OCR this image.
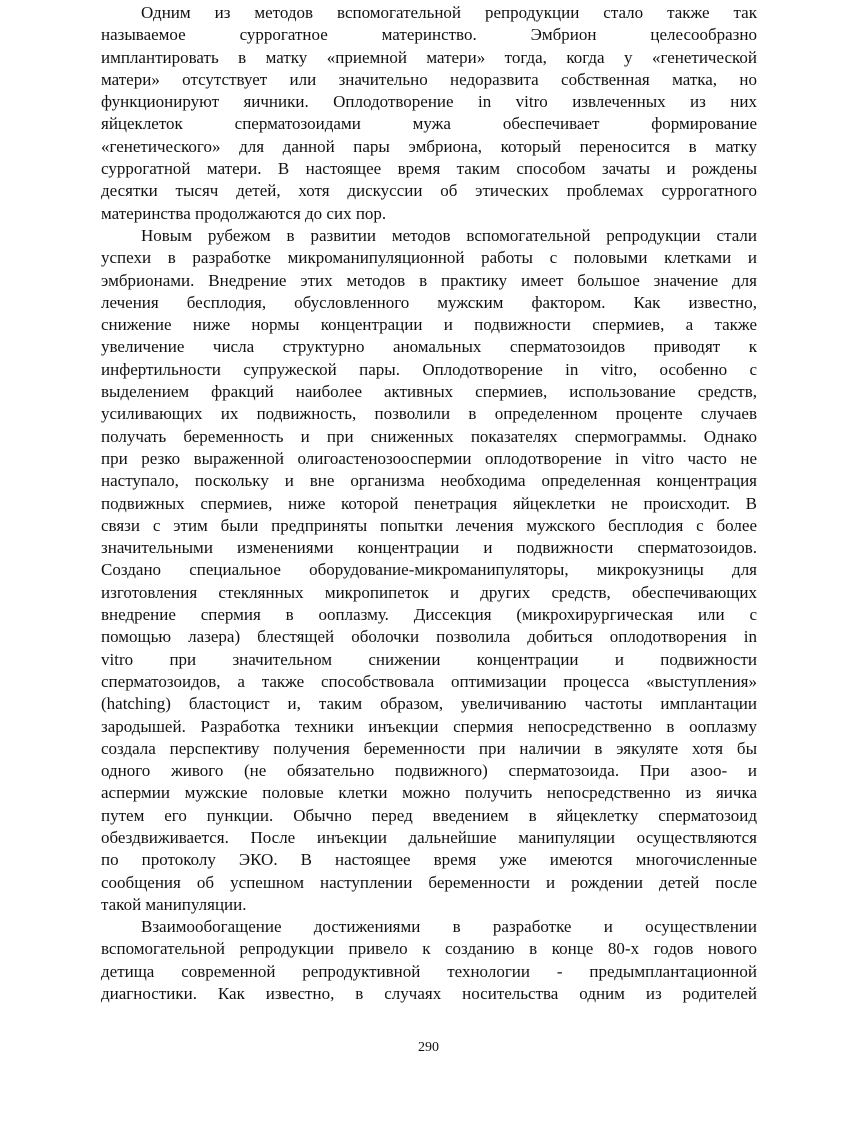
Одним из методов вспомогательной репродукции стало также так
называемое суррогатное материнство. Эмбрион целесообразно
имплантировать в матку «приемной матери» тогда, когда у «генетической
матери» отсутствует или значительно недоразвита собственная матка, но
функционируют яичники. Оплодотворение in vitro извлеченных из них
яйцеклеток сперматозоидами мужа обеспечивает формирование
«генетического» для данной пары эмбриона, который переносится в матку
суррогатной матери. В настоящее время таким способом зачаты и рождены
десятки тысяч детей, хотя дискуссии об этических проблемах суррогатного
материнства продолжаются до сих пор.

Новым рубежом в развитии методов вспомогательной репродукции стали
успехи в разработке микроманипуляционной работы с половыми клетками и
эмбрионами. Внедрение этих методов в практику имеет большое значение для
лечения бесплодия, обусловленного мужским фактором. Как известно,
снижение ниже нормы концентрации и подвижности спермиев, а также
увеличение числа структурно аномальных сперматозоидов приводят к
инфертильности супружеской пары. Оплодотворение in vitro, особенно с
выделением фракций наиболее активных спермиев, использование средств,
усиливающих их подвижность, позволили в определенном проценте случаев
получать беременность и при сниженных показателях спермограммы. Однако
при резко выраженной олигоастенозооспермии оплодотворение in vitro часто не
наступало, поскольку и вне организма необходима определенная концентрация
подвижных спермиев, ниже которой пенетрация яйцеклетки не происходит. В
связи с этим были предприняты попытки лечения мужского бесплодия с более
значительными изменениями концентрации и подвижности сперматозоидов.
Создано специальное оборудование-микроманипуляторы, микрокузницы для
изготовления стеклянных микропипеток и других средств, обеспечивающих
внедрение спермия в ооплазму. Диссекция (микрохирургическая или с
помощью лазера) блестящей оболочки позволила добиться оплодотворения in
vitro при значительном снижении концентрации и подвижности
сперматозоидов, а также способствовала оптимизации процесса «выступления»
(hatching) бластоцист и, таким образом, увеличиванию частоты имплантации
зародышей. Разработка техники инъекции спермия непосредственно в ооплазму
создала перспективу получения беременности при наличии в эякуляте хотя бы
одного живого (не обязательно подвижного) сперматозоида. При азоо- и
аспермии мужские половые клетки можно получить непосредственно из яичка
путем его пункции. Обычно перед введением в яйцеклетку сперматозоид
обездвиживается. После инъекции дальнейшие манипуляции осуществляются
по протоколу ЭКО. В настоящее время уже имеются многочисленные
сообщения об успешном наступлении беременности и рождении детей после
такой манипуляции.

Взаимообогащение достижениями в разработке и осуществлении
вспомогательной репродукции привело к созданию в конце 80-х годов нового
детища современной репродуктивной технологии - предымплантационной
диагностики. Как известно, в случаях носительства одним из родителей

290
